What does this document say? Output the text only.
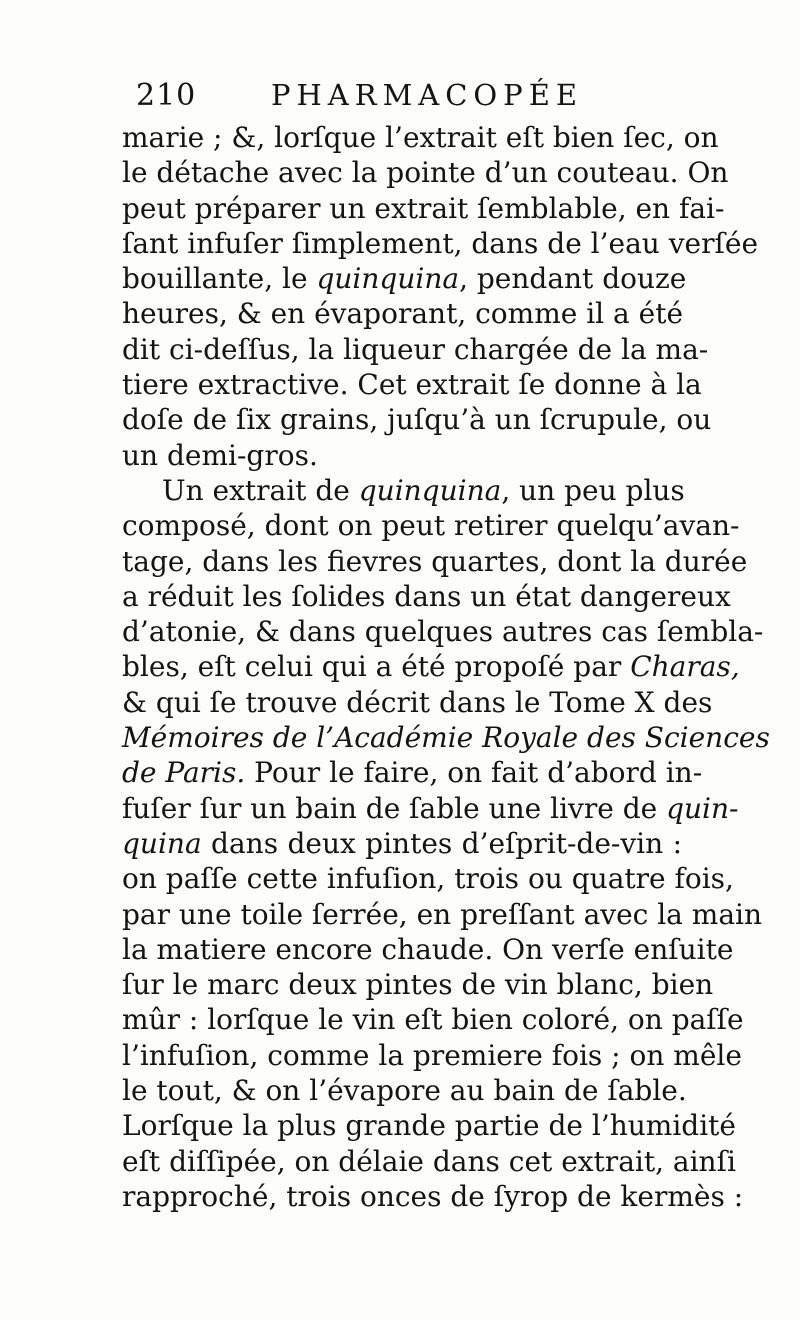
210	PHARMACOPÉE
marie ; &, lorſque l’extrait eſt bien ſec, on
le détache avec la pointe d’un couteau. On
peut préparer un extrait ſemblable, en fai-
ſant infuſer ſimplement, dans de l’eau verſée
bouillante, le quinquina, pendant douze
heures, & en évaporant, comme il a été
dit ci-deſſus, la liqueur chargée de la ma-
tiere extractive. Cet extrait ſe donne à la
doſe de ſix grains, juſqu’à un ſcrupule, ou
un demi-gros.
Un extrait de quinquina, un peu plus
composé, dont on peut retirer quelqu’avan-
tage, dans les fievres quartes, dont la durée
a réduit les ſolides dans un état dangereux
d’atonie, & dans quelques autres cas ſembla-
bles, eſt celui qui a été propoſé par Charas,
& qui ſe trouve décrit dans le Tome X des
Mémoires de l’Académie Royale des Sciences
de Paris. Pour le faire, on fait d’abord in-
fuſer ſur un bain de ſable une livre de quin-
quina dans deux pintes d’eſprit-de-vin :
on paſſe cette infuſion, trois ou quatre fois,
par une toile ſerrée, en preſſant avec la main
la matiere encore chaude. On verſe enſuite
ſur le marc deux pintes de vin blanc, bien
mûr : lorſque le vin eſt bien coloré, on paſſe
l’infuſion, comme la premiere fois ; on mêle
le tout, & on l’évapore au bain de ſable.
Lorſque la plus grande partie de l’humidité
eſt diſſipée, on délaie dans cet extrait, ainſi
rapproché, trois onces de ſyrop de kermès :
